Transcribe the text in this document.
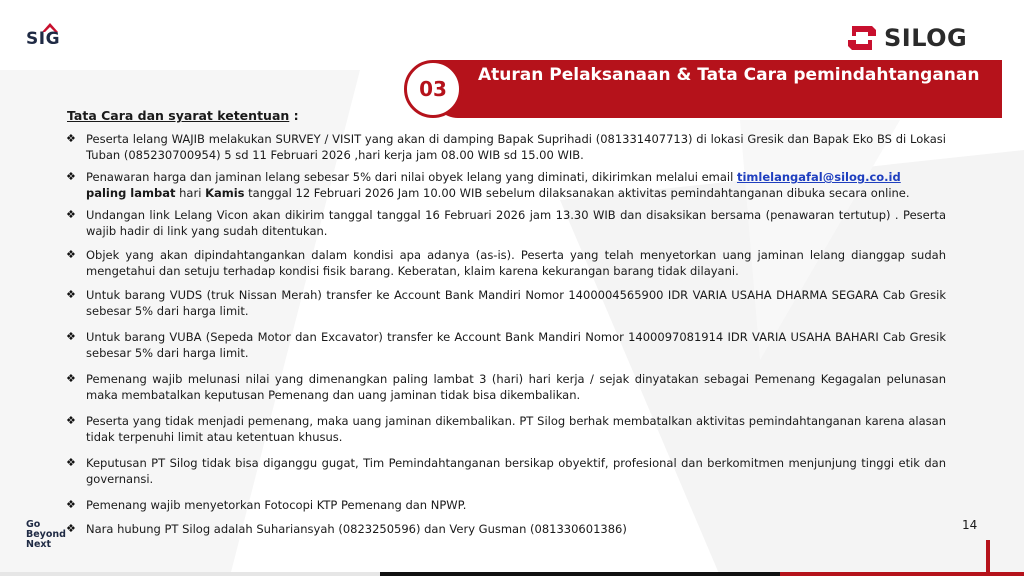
SIG	SILOG
Aturan Pelaksanaan & Tata Cara pemindahtanganan
03
Tata Cara dan syarat ketentuan :
❖ Peserta lelang WAJIB melakukan SURVEY / VISIT yang akan di damping Bapak Suprihadi (081331407713) di lokasi Gresik dan Bapak Eko BS di Lokasi Tuban (085230700954) 5 sd 11 Februari 2026 ,hari kerja jam 08.00 WIB sd 15.00 WIB.
❖ Penawaran harga dan jaminan lelang sebesar 5% dari nilai obyek lelang yang diminati, dikirimkan melalui email timlelangafal@silog.co.id
paling lambat hari Kamis tanggal 12 Februari 2026 Jam 10.00 WIB sebelum dilaksanakan aktivitas pemindahtanganan dibuka secara online.
❖ Undangan link Lelang Vicon akan dikirim tanggal tanggal 16 Februari 2026 jam 13.30 WIB dan disaksikan bersama (penawaran tertutup) . Peserta wajib hadir di link yang sudah ditentukan.
❖ Objek yang akan dipindahtangankan dalam kondisi apa adanya (as-is). Peserta yang telah menyetorkan uang jaminan lelang dianggap sudah mengetahui dan setuju terhadap kondisi fisik barang. Keberatan, klaim karena kekurangan barang tidak dilayani.
❖ Untuk barang VUDS (truk Nissan Merah) transfer ke Account Bank Mandiri Nomor 1400004565900 IDR VARIA USAHA DHARMA SEGARA Cab Gresik sebesar 5% dari harga limit.
❖ Untuk barang VUBA (Sepeda Motor dan Excavator) transfer ke Account Bank Mandiri Nomor 1400097081914 IDR VARIA USAHA BAHARI Cab Gresik sebesar 5% dari harga limit.
❖ Pemenang wajib melunasi nilai yang dimenangkan paling lambat 3 (hari) hari kerja / sejak dinyatakan sebagai Pemenang Kegagalan pelunasan maka membatalkan keputusan Pemenang dan uang jaminan tidak bisa dikembalikan.
❖ Peserta yang tidak menjadi pemenang, maka uang jaminan dikembalikan. PT Silog berhak membatalkan aktivitas pemindahtanganan karena alasan tidak terpenuhi limit atau ketentuan khusus.
❖ Keputusan PT Silog tidak bisa diganggu gugat, Tim Pemindahtanganan bersikap obyektif, profesional dan berkomitmen menjunjung tinggi etik dan governansi.
❖ Pemenang wajib menyetorkan Fotocopi KTP Pemenang dan NPWP.
❖ Nara hubung PT Silog adalah Suhariansyah (0823250596) dan Very Gusman (081330601386)
Go
Beyond
Next
14
